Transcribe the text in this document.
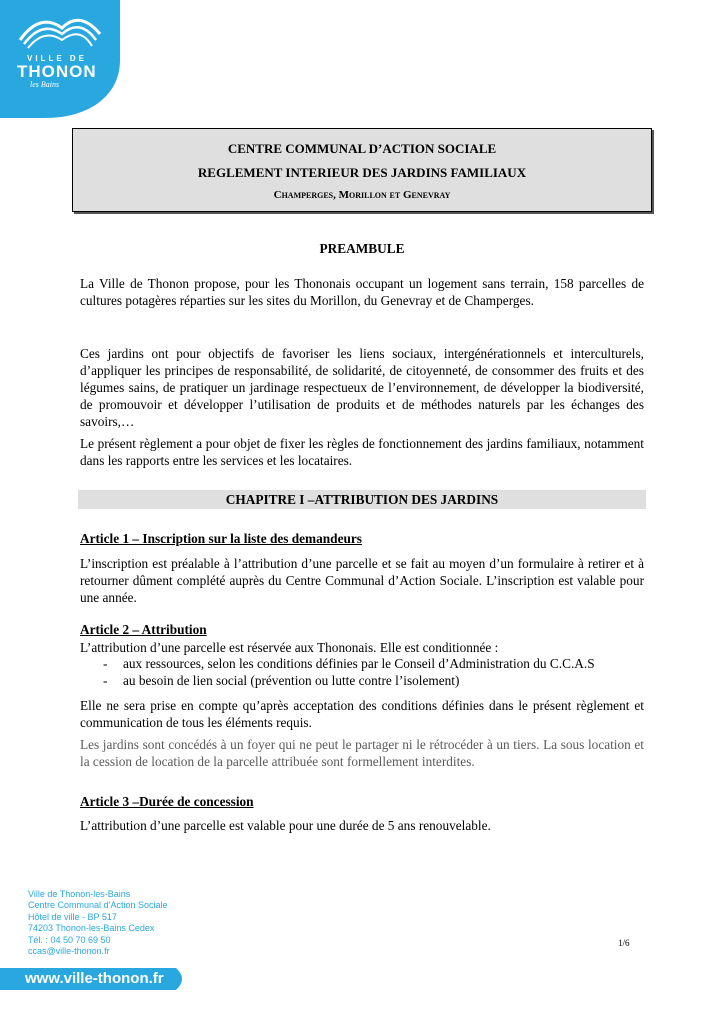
VILLE DE
THONON
les Bains
CENTRE COMMUNAL D’ACTION SOCIALE
REGLEMENT INTERIEUR DES JARDINS FAMILIAUX
Champerges, Morillon et Genevray
PREAMBULE
La Ville de Thonon propose, pour les Thononais occupant un logement sans terrain, 158 parcelles de cultures potagères réparties sur les sites du Morillon, du Genevray et de Champerges.
Ces jardins ont pour objectifs de favoriser les liens sociaux, intergénérationnels et interculturels, d’appliquer les principes de responsabilité, de solidarité, de citoyenneté, de consommer des fruits et des légumes sains, de pratiquer un jardinage respectueux de l’environnement, de développer la biodiversité, de promouvoir et développer l’utilisation de produits et de méthodes naturels par les échanges des savoirs,…
Le présent règlement a pour objet de fixer les règles de fonctionnement des jardins familiaux, notamment dans les rapports entre les services et les locataires.
CHAPITRE I –ATTRIBUTION DES JARDINS
Article 1 – Inscription sur la liste des demandeurs
L’inscription est préalable à l’attribution d’une parcelle et se fait au moyen d’un formulaire à retirer et à retourner dûment complété auprès du Centre Communal d’Action Sociale. L’inscription est valable pour une année.
Article 2 – Attribution
L’attribution d’une parcelle est réservée aux Thononais. Elle est conditionnée :
- aux ressources, selon les conditions définies par le Conseil d’Administration du C.C.A.S
- au besoin de lien social (prévention ou lutte contre l’isolement)
Elle ne sera prise en compte qu’après acceptation des conditions définies dans le présent règlement et communication de tous les éléments requis.
Les jardins sont concédés à un foyer qui ne peut le partager ni le rétrocéder à un tiers. La sous location et la cession de location de la parcelle attribuée sont formellement interdites.
Article 3 –Durée de concession
L’attribution d’une parcelle est valable pour une durée de 5 ans renouvelable.
Ville de Thonon-les-Bains
Centre Communal d’Action Sociale
Hôtel de ville - BP 517
74203 Thonon-les-Bains Cedex
Tél. : 04 50 70 69 50
ccas@ville-thonon.fr
1/6
www.ville-thonon.fr
